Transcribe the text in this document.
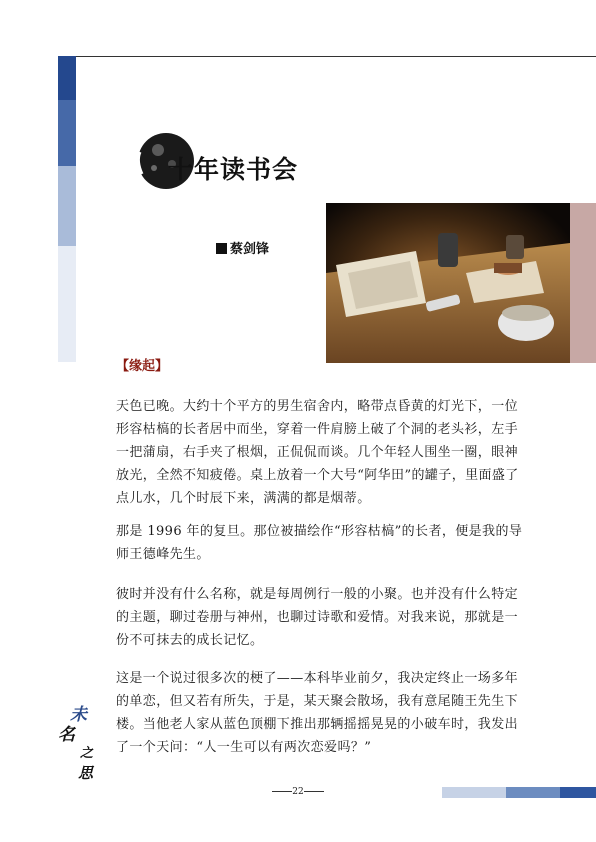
十年读书会
蔡剑锋
【缘起】

天色已晚。大约十个平方的男生宿舍内，略带点昏黄的灯光下，一位形容枯槁的长者居中而坐，穿着一件肩膀上破了个洞的老头衫，左手一把蒲扇，右手夹了根烟，正侃侃而谈。几个年轻人围坐一圈，眼神放光，全然不知疲倦。桌上放着一个大号“阿华田”的罐子，里面盛了点儿水，几个时辰下来，满满的都是烟蒂。

那是 1996 年的复旦。那位被描绘作“形容枯槁”的长者，便是我的导师王德峰先生。

彼时并没有什么名称，就是每周例行一般的小聚。也并没有什么特定的主题，聊过卷册与神州，也聊过诗歌和爱情。对我来说，那就是一份不可抹去的成长记忆。

这是一个说过很多次的梗了——本科毕业前夕，我决定终止一场多年的单恋，但又若有所失，于是，某天聚会散场，我有意尾随王先生下楼。当他老人家从蓝色顶棚下推出那辆摇摇晃晃的小破车时，我发出了一个天问：“人一生可以有两次恋爱吗？”

未
名
之
思
22
